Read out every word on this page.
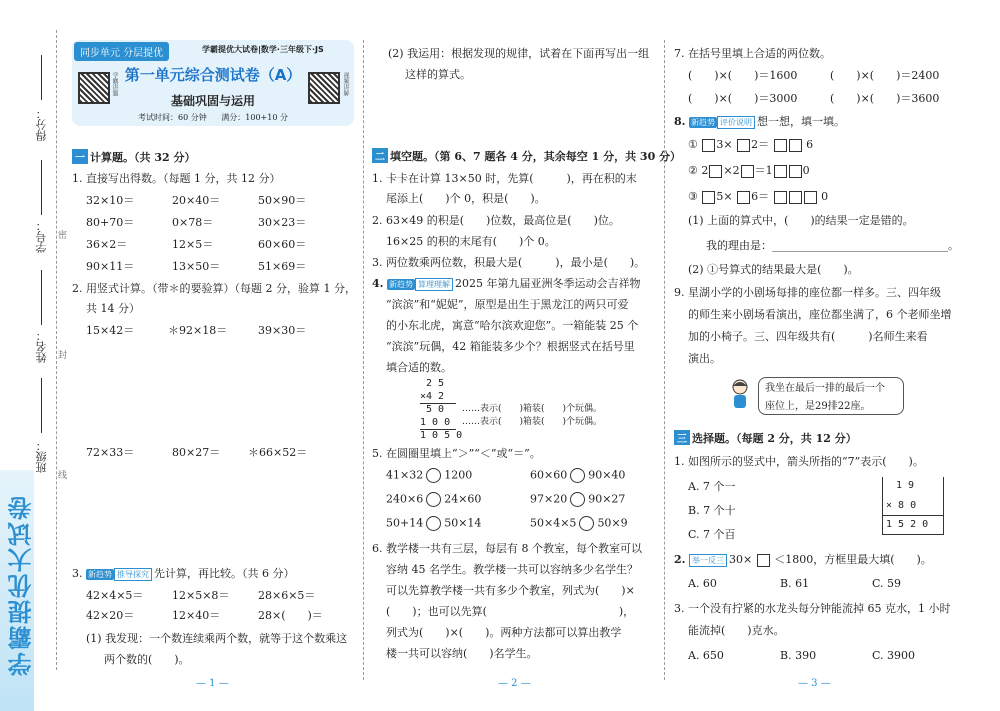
得分：
学号：
姓名：
班级：
密
封
线
学霸提优大试卷
同步单元 分层提优	学霸提优大试卷|数学·三年级下·JS
学霸讲题	视频讲解
第一单元综合测试卷（A）
基础巩固与运用
考试时间：60 分钟 满分：100+10 分
一 计算题。（共 32 分）
1. 直接写出得数。（每题 1 分，共 12 分）
32×10＝	20×40＝	50×90＝
80+70＝	0×78＝	30×23＝
36×2＝	12×5＝	60×60＝
90×11＝	13×50＝	51×69＝
2. 用竖式计算。（带＊的要验算）（每题 2 分，验算 1 分，
共 14 分）
15×42＝	＊92×18＝	39×30＝
72×33＝	80×27＝	＊66×52＝
3. 新趋势 推导探究 先计算，再比较。（共 6 分）
42×4×5＝	12×5×8＝	28×6×5＝
42×20＝	12×40＝	28×(　　)＝
(1) 我发现：一个数连续乘两个数，就等于这个数乘这
两个数的(　　)。
(2) 我运用：根据发现的规律，试着在下面再写出一组
这样的算式。
二 填空题。（第 6、7 题各 4 分，其余每空 1 分，共 30 分）
1. 卡卡在计算 13×50 时，先算(　　　)，再在积的末
尾添上(　　)个 0，积是(　　)。
2. 63×49 的积是(　　)位数，最高位是(　　)位。
16×25 的积的末尾有(　　)个 0。
3. 两位数乘两位数，积最大是(　　　)，最小是(　　)。
4. 新趋势 算理理解 2025 年第九届亚洲冬季运动会吉祥物
“滨滨”和“妮妮”，原型是出生于黑龙江的两只可爱
的小东北虎，寓意“哈尔滨欢迎您”。一箱能装 25 个
“滨滨”玩偶，42 箱能装多少个？根据竖式在括号里
填合适的数。
2 5
×4 2
5 0
1 0 0
1 0 5 0
……表示(　　)箱装(　　)个玩偶。
……表示(　　)箱装(　　)个玩偶。
5. 在圆圈里填上“＞”“＜”或“＝”。
41×32 1200	60×60 90×40
240×6 24×60	97×20 90×27
50+14 50×14	50×4×5 50×9
6. 教学楼一共有三层，每层有 8 个教室，每个教室可以
容纳 45 名学生。教学楼一共可以容纳多少名学生？
可以先算教学楼一共有多少个教室，列式为(　　)×
(　　)；也可以先算(　　　　　　　　　　　　)，
列式为(　　)×(　　)。两种方法都可以算出教学
楼一共可以容纳(　　)名学生。
7. 在括号里填上合适的两位数。
(　　)×(　　)＝1600	(　　)×(　　)＝2400
(　　)×(　　)＝3000	(　　)×(　　)＝3600
8. 新趋势 评价说明 想一想，填一填。
① 3× 2＝	6
② 2 ×2 ＝1	0
③ 5× 6＝	0
(1) 上面的算式中，(　　)的结果一定是错的。
我的理由是：________________________________。
(2) ①号算式的结果最大是(　　)。
9. 星湖小学的小剧场每排的座位都一样多。三、四年级
的师生来小剧场看演出，座位都坐满了，6 个老师坐增
加的小椅子。三、四年级共有(　　　)名师生来看
演出。
我坐在最后一排的最后一个
座位上，是29排22座。
三 选择题。（每题 2 分，共 12 分）
1. 如图所示的竖式中，箭头所指的“7”表示(　　)。
A. 7 个一
B. 7 个十
C. 7 个百
1 9
× 8 0
1 5 2 0
2. 举一反三 30× ＜1800，方框里最大填(　　)。
A. 60	B. 61	C. 59
3. 一个没有拧紧的水龙头每分钟能流掉 65 克水，1 小时
能流掉(　　)克水。
A. 650	B. 390	C. 3900
— 1 —	— 2 —	— 3 —
